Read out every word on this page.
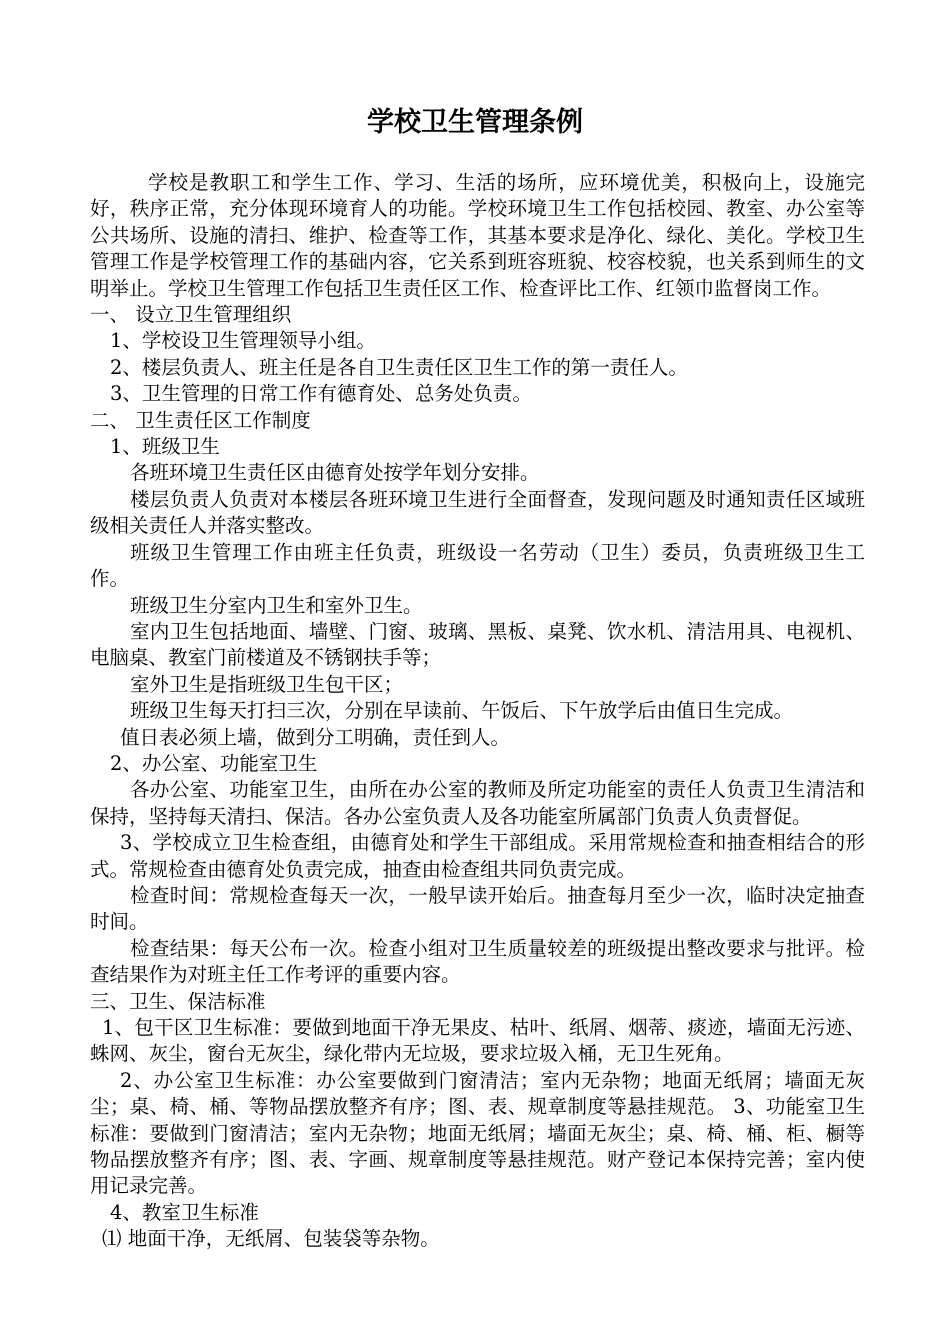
学校卫生管理条例

学校是教职工和学生工作、学习、生活的场所，应环境优美，积极向上，设施完好，秩序正常，充分体现环境育人的功能。学校环境卫生工作包括校园、教室、办公室等公共场所、设施的清扫、维护、检查等工作，其基本要求是净化、绿化、美化。学校卫生管理工作是学校管理工作的基础内容，它关系到班容班貌、校容校貌，也关系到师生的文明举止。学校卫生管理工作包括卫生责任区工作、检查评比工作、红领巾监督岗工作。

一、 设立卫生管理组织

1、学校设卫生管理领导小组。

2、楼层负责人、班主任是各自卫生责任区卫生工作的第一责任人。

3、卫生管理的日常工作有德育处、总务处负责。

二、 卫生责任区工作制度

1、班级卫生

各班环境卫生责任区由德育处按学年划分安排。

楼层负责人负责对本楼层各班环境卫生进行全面督查，发现问题及时通知责任区域班级相关责任人并落实整改。

班级卫生管理工作由班主任负责，班级设一名劳动（卫生）委员，负责班级卫生工作。

班级卫生分室内卫生和室外卫生。

室内卫生包括地面、墙壁、门窗、玻璃、黑板、桌凳、饮水机、清洁用具、电视机、电脑桌、教室门前楼道及不锈钢扶手等；

室外卫生是指班级卫生包干区；

班级卫生每天打扫三次，分别在早读前、午饭后、下午放学后由值日生完成。

值日表必须上墙，做到分工明确，责任到人。

2、办公室、功能室卫生

各办公室、功能室卫生，由所在办公室的教师及所定功能室的责任人负责卫生清洁和保持，坚持每天清扫、保洁。各办公室负责人及各功能室所属部门负责人负责督促。

3、学校成立卫生检查组，由德育处和学生干部组成。采用常规检查和抽查相结合的形式。常规检查由德育处负责完成，抽查由检查组共同负责完成。

检查时间：常规检查每天一次，一般早读开始后。抽查每月至少一次，临时决定抽查时间。

检查结果：每天公布一次。检查小组对卫生质量较差的班级提出整改要求与批评。检查结果作为对班主任工作考评的重要内容。

三、卫生、保洁标准

1、包干区卫生标准：要做到地面干净无果皮、枯叶、纸屑、烟蒂、痰迹，墙面无污迹、蛛网、灰尘，窗台无灰尘，绿化带内无垃圾，要求垃圾入桶，无卫生死角。

2、办公室卫生标准：办公室要做到门窗清洁；室内无杂物；地面无纸屑；墙面无灰尘；桌、椅、桶、等物品摆放整齐有序；图、表、规章制度等悬挂规范。 3、功能室卫生标准：要做到门窗清洁；室内无杂物；地面无纸屑；墙面无灰尘；桌、椅、桶、柜、橱等物品摆放整齐有序；图、表、字画、规章制度等悬挂规范。财产登记本保持完善；室内使用记录完善。

4、教室卫生标准

⑴ 地面干净，无纸屑、包装袋等杂物。
